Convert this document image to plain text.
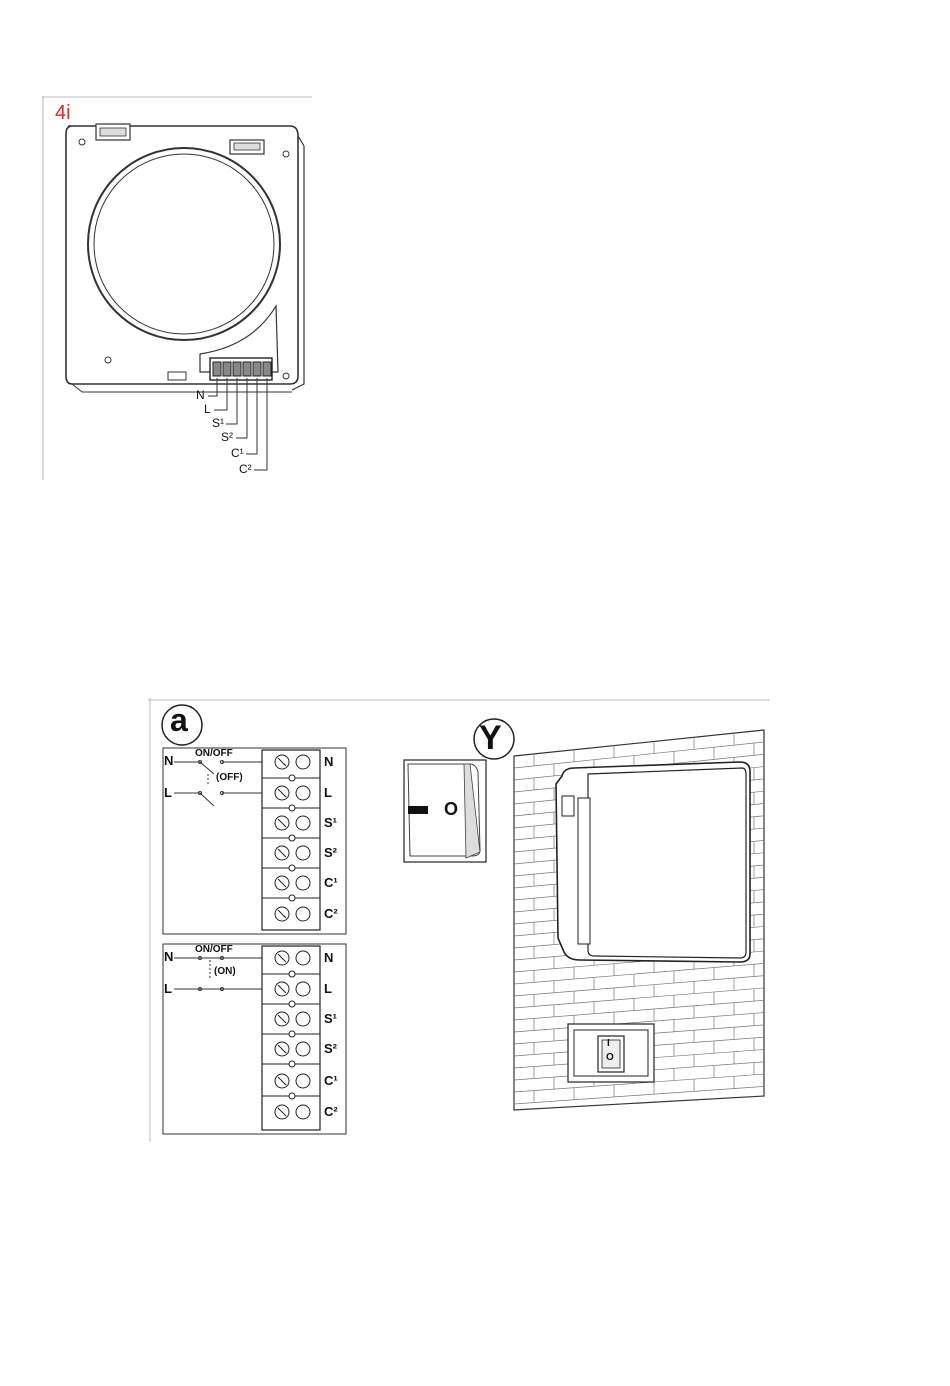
4i
N
L
S¹
S²
C¹
C²
a	Y
ON/OFF
(OFF)
N
L
N
L
S¹
S²
C¹
C²
ON/OFF
(ON)
N
L
N
L
S¹
S²
C¹
C²
O
I
O
